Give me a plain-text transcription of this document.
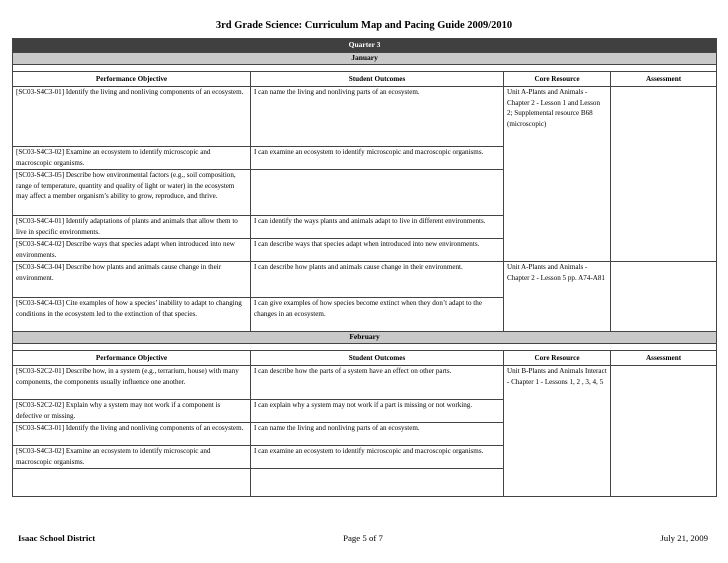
3rd Grade Science: Curriculum Map and Pacing Guide 2009/2010
Quarter 3			
January			

Performance Objective	Student Outcomes	Core Resource	Assessment
[SC03-S4C3-01] Identify the living and nonliving components of an ecosystem.	I can name the living and nonliving parts of an ecosystem.	Unit A-Plants and Animals - Chapter 2 - Lesson 1 and Lesson 2; Supplemental resource B68 (microscopic)	
[SC03-S4C3-02] Examine an ecosystem to identify microscopic and macroscopic organisms.	I can examine an ecosystem to identify microscopic and macroscopic organisms.		
[SC03-S4C3-05] Describe how environmental factors (e.g., soil composition, range of temperature, quantity and quality of light or water) in the ecosystem may affect a member organism’s ability to grow, reproduce, and thrive.			
[SC03-S4C4-01] Identify adaptations of plants and animals that allow them to live in specific environments.	I can identify the ways plants and animals adapt to live in different environments.		
[SC03-S4C4-02] Describe ways that species adapt when introduced into new environments.	I can describe ways that species adapt when introduced into new environments.		
[SC03-S4C3-04] Describe how plants and animals cause change in their environment.	I can describe how plants and animals cause change in their environment.	Unit A-Plants and Animals - Chapter 2 - Lesson 5 pp. A74-A81	
[SC03-S4C4-03] Cite examples of how a species’ inability to adapt to changing conditions in the ecosystem led to the extinction of that species.	I can give examples of how species become extinct when they don’t adapt to the changes in an ecosystem.		
February			

Performance Objective	Student Outcomes	Core Resource	Assessment
[SC03-S2C2-01] Describe how, in a system (e.g., terrarium, house) with many components, the components usually influence one another.	I can describe how the parts of a system have an effect on other parts.	Unit B-Plants and Animals Interact - Chapter 1 - Lessons 1, 2 , 3, 4, 5	
[SC03-S2C2-02] Explain why a system may not work if a component is defective or missing.	I can explain why a system may not work if a part is missing or not working.		
[SC03-S4C3-01] Identify the living and nonliving components of an ecosystem.	I can name the living and nonliving parts of an ecosystem.		
[SC03-S4C3-02] Examine an ecosystem to identify microscopic and macroscopic organisms.	I can examine an ecosystem to identify microscopic and macroscopic organisms.		

Isaac School District	Page 5 of 7	July 21, 2009
